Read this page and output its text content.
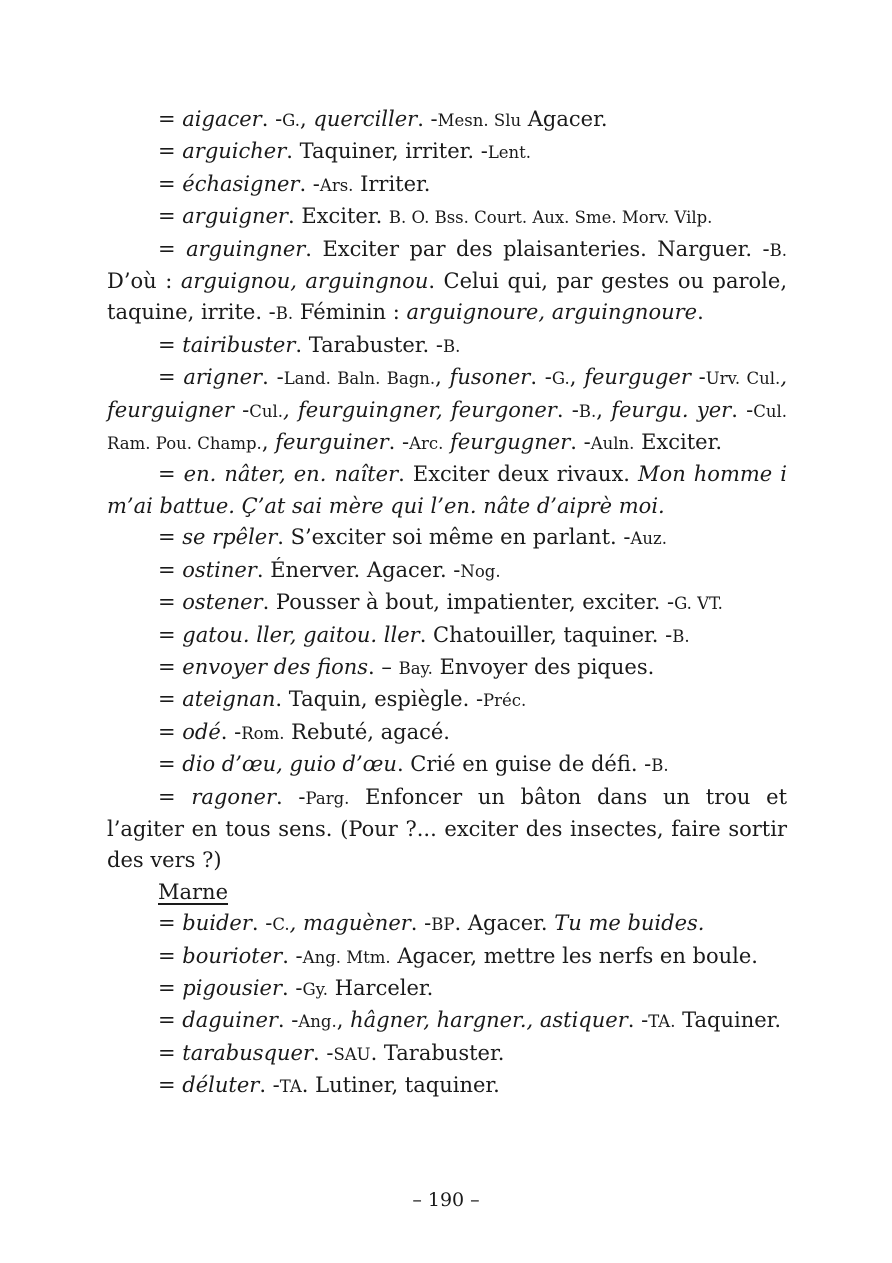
= aigacer. -G., querciller. -Mesn. Slu Agacer.

= arguicher. Taquiner, irriter. -Lent.

= échasigner. -Ars. Irriter.

= arguigner. Exciter. B. O. Bss. Court. Aux. Sme. Morv. Vilp.

= arguingner. Exciter par des plaisanteries. Narguer. -B. D’où : arguignou, arguingnou. Celui qui, par gestes ou parole, taquine, irrite. -B. Féminin : arguignoure, arguingnoure.

= tairibuster. Tarabuster. -B.

= arigner. -Land. Baln. Bagn., fusoner. -G., feurguger -Urv. Cul., feurguigner -Cul., feurguingner, feurgoner. -B., feurgu. yer. -Cul. Ram. Pou. Champ., feurguiner. -Arc. feurgugner. -Auln. Exciter.

= en. nâter, en. naîter. Exciter deux rivaux. Mon homme i m’ai battue. Ç’at sai mère qui l’en. nâte d’aiprè moi.

= se rpêler. S’exciter soi même en parlant. -Auz.

= ostiner. Énerver. Agacer. -Nog.

= ostener. Pousser à bout, impatienter, exciter. -G. VT.

= gatou. ller, gaitou. ller. Chatouiller, taquiner. -B.

= envoyer des fions. – Bay. Envoyer des piques.

= ateignan. Taquin, espiègle. -Préc.

= odé. -Rom. Rebuté, agacé.

= dio d’œu, guio d’œu. Crié en guise de défi. -B.

= ragoner. -Parg. Enfoncer un bâton dans un trou et l’agiter en tous sens. (Pour ?... exciter des insectes, faire sortir des vers ?)

Marne

= buider. -C., maguèner. -BP. Agacer. Tu me buides.

= bourioter. -Ang. Mtm. Agacer, mettre les nerfs en boule.

= pigousier. -Gy. Harceler.

= daguiner. -Ang., hâgner, hargner., astiquer. -TA. Taquiner.

= tarabusquer. -SAU. Tarabuster.

= déluter. -TA. Lutiner, taquiner.

– 190 –
